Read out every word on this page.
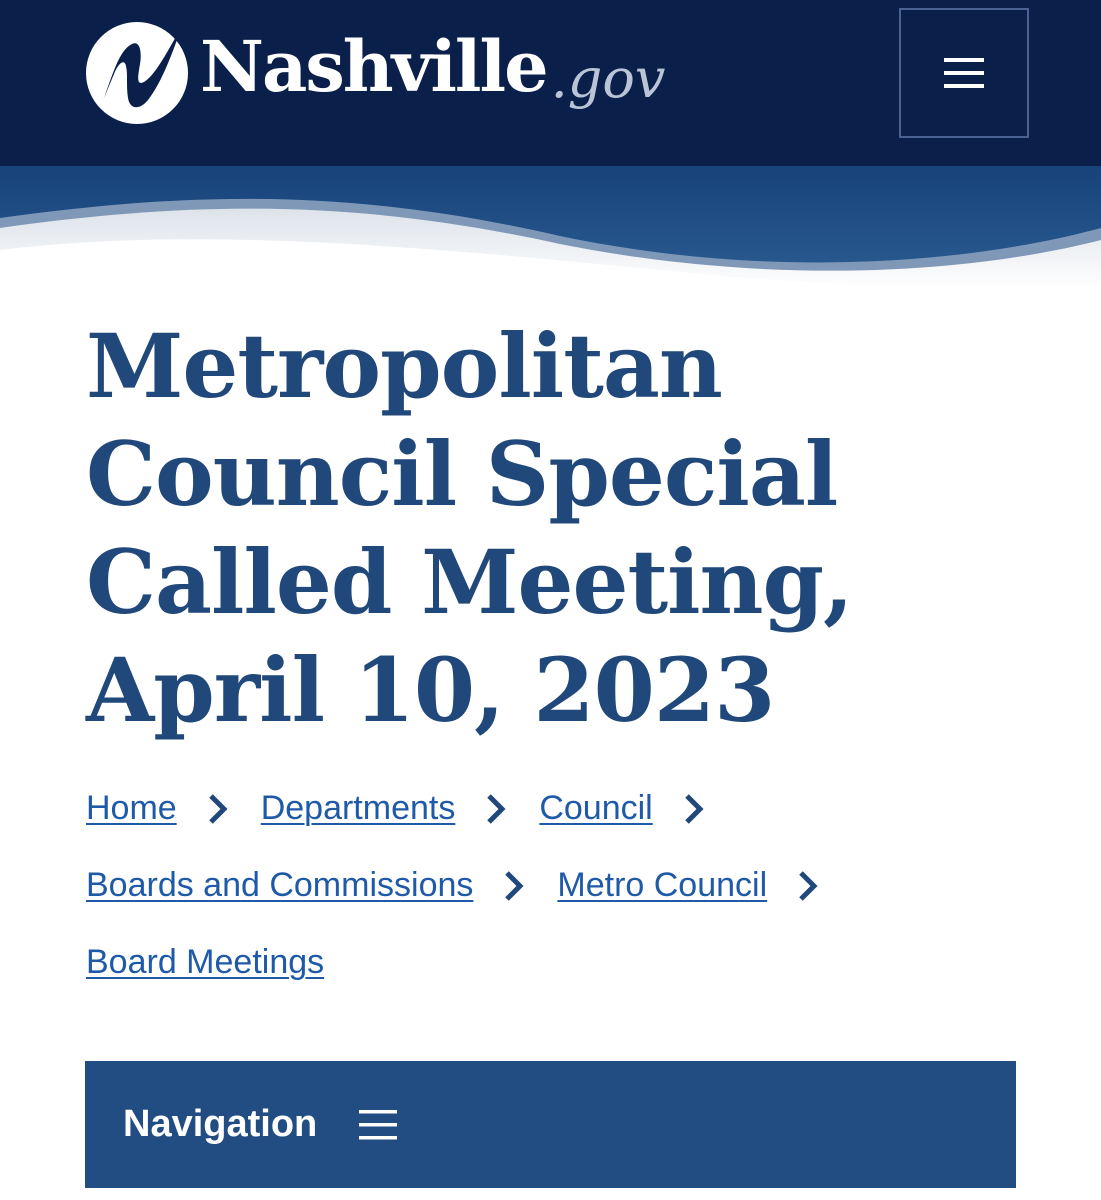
Nashville .gov
Metropolitan Council Special Called Meeting, April 10, 2023
Home Departments Council
Boards and Commissions Metro Council
Board Meetings
Navigation
